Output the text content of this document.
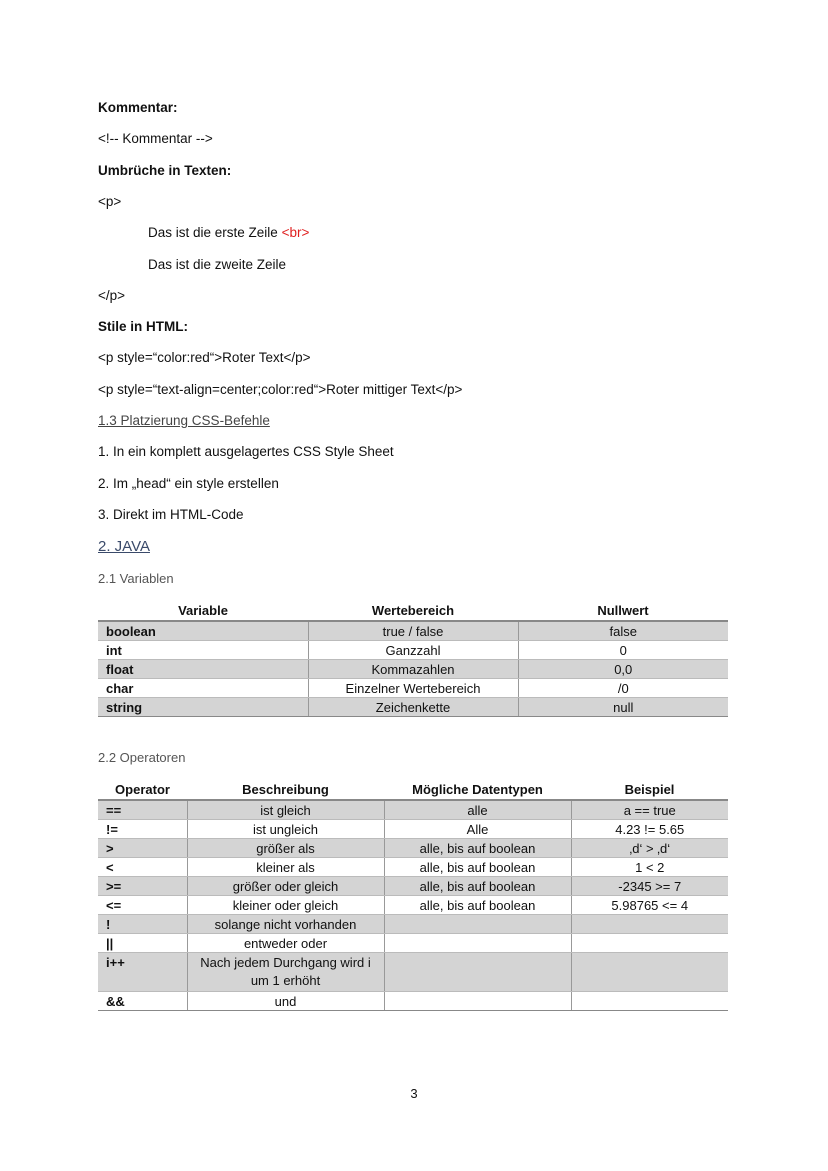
Kommentar:
<!-- Kommentar -->
Umbrüche in Texten:
<p>
Das ist die erste Zeile <br>
Das ist die zweite Zeile
</p>
Stile in HTML:
<p style=“color:red“>Roter Text</p>
<p style=“text-align=center;color:red“>Roter mittiger Text</p>
1.3 Platzierung CSS-Befehle
1. In ein komplett ausgelagertes CSS Style Sheet
2. Im „head“ ein style erstellen
3. Direkt im HTML-Code
2. JAVA
2.1 Variablen
Variable	Wertebereich	Nullwert
boolean	true / false	false
int	Ganzzahl	0
float	Kommazahlen	0,0
char	Einzelner Wertebereich	/0
string	Zeichenkette	null
2.2 Operatoren
Operator	Beschreibung	Mögliche Datentypen	Beispiel
==	ist gleich	alle	a == true
!=	ist ungleich	Alle	4.23 != 5.65
>	größer als	alle, bis auf boolean	‚d‘ > ‚d‘
<	kleiner als	alle, bis auf boolean	1 < 2
>=	größer oder gleich	alle, bis auf boolean	-2345 >= 7
<=	kleiner oder gleich	alle, bis auf boolean	5.98765 <= 4
!	solange nicht vorhanden		
||	entweder oder		
i++	Nach jedem Durchgang wird i um 1 erhöht		
&&	und		
3
